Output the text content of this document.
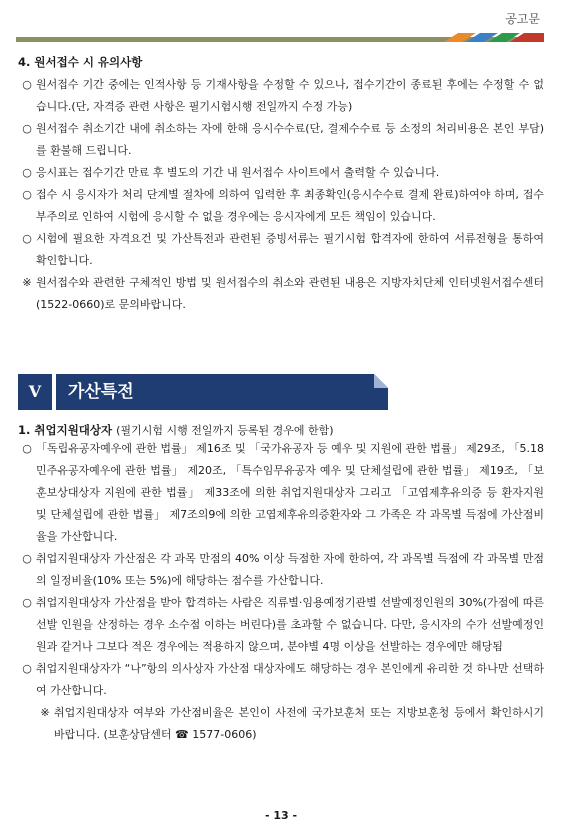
공고문
4. 원서접수 시 유의사항
○ 원서접수 기간 중에는 인적사항 등 기재사항을 수정할 수 있으나, 접수기간이 종료된 후에는 수정할 수 없습니다.(단, 자격증 관련 사항은 필기시험시행 전일까지 수정 가능)
○ 원서접수 취소기간 내에 취소하는 자에 한해 응시수수료(단, 결제수수료 등 소정의 처리비용은 본인 부담)를 환불해 드립니다.
○ 응시표는 접수기간 만료 후 별도의 기간 내 원서접수 사이트에서 출력할 수 있습니다.
○ 접수 시 응시자가 처리 단계별 절차에 의하여 입력한 후 최종확인(응시수수료 결제 완료)하여야 하며, 접수 부주의로 인하여 시험에 응시할 수 없을 경우에는 응시자에게 모든 책임이 있습니다.
○ 시험에 필요한 자격요건 및 가산특전과 관련된 증빙서류는 필기시험 합격자에 한하여 서류전형을 통하여 확인합니다.
※ 원서접수와 관련한 구체적인 방법 및 원서접수의 취소와 관련된 내용은 지방자치단체 인터넷원서접수센터(1522-0660)로 문의바랍니다.
Ⅴ	가산특전
1. 취업지원대상자 (필기시험 시행 전일까지 등록된 경우에 한함)
○ 「독립유공자예우에 관한 법률」 제16조 및 「국가유공자 등 예우 및 지원에 관한 법률」 제29조, 「5.18민주유공자예우에 관한 법률」 제20조, 「특수임무유공자 예우 및 단체설립에 관한 법률」 제19조, 「보훈보상대상자 지원에 관한 법률」 제33조에 의한 취업지원대상자 그리고 「고엽제후유의증 등 환자지원 및 단체설립에 관한 법률」 제7조의9에 의한 고엽제후유의증환자와 그 가족은 각 과목별 득점에 가산점비율을 가산합니다.
○ 취업지원대상자 가산점은 각 과목 만점의 40% 이상 득점한 자에 한하여, 각 과목별 득점에 각 과목별 만점의 일정비율(10% 또는 5%)에 해당하는 점수를 가산합니다.
○ 취업지원대상자 가산점을 받아 합격하는 사람은 직류별·임용예정기관별 선발예정인원의 30%(가점에 따른 선발 인원을 산정하는 경우 소수점 이하는 버린다)를 초과할 수 없습니다. 다만, 응시자의 수가 선발예정인원과 같거나 그보다 적은 경우에는 적용하지 않으며, 분야별 4명 이상을 선발하는 경우에만 해당됨
○ 취업지원대상자가 “나”항의 의사상자 가산점 대상자에도 해당하는 경우 본인에게 유리한 것 하나만 선택하여 가산합니다.
※ 취업지원대상자 여부와 가산점비율은 본인이 사전에 국가보훈처 또는 지방보훈청 등에서 확인하시기 바랍니다. (보훈상담센터 ☎ 1577-0606)
- 13 -
